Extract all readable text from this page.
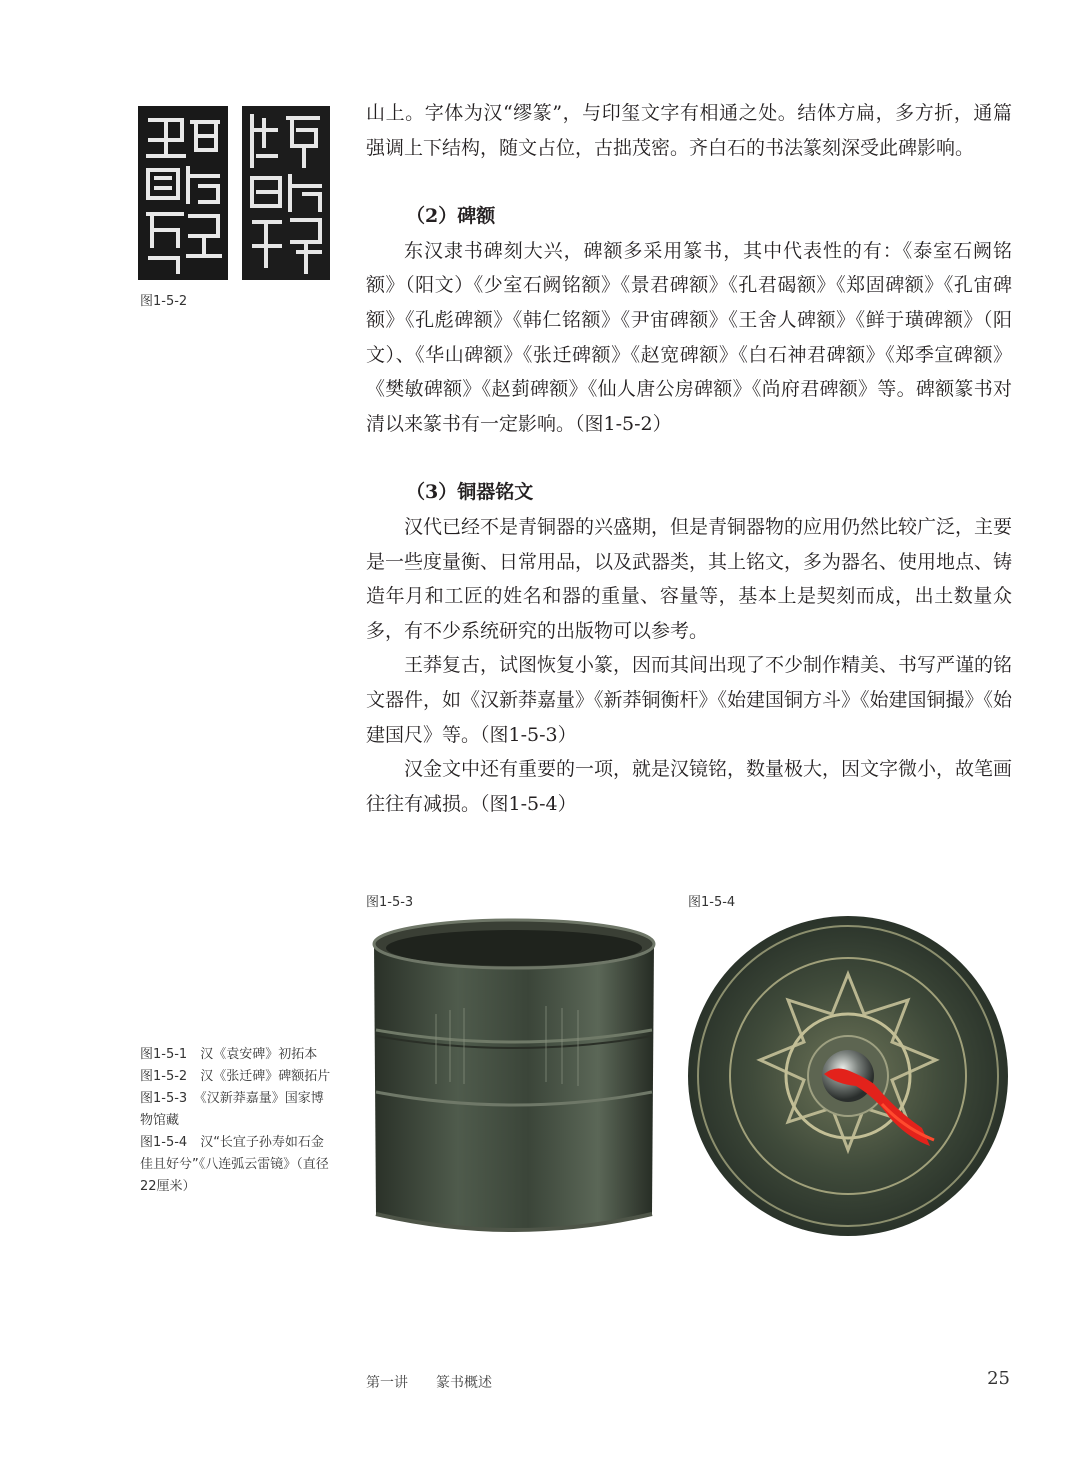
图1-5-2

山上。字体为汉“缪篆”，与印玺文字有相通之处。结体方扁，多方折，通篇强调上下结构，随文占位，古拙茂密。齐白石的书法篆刻深受此碑影响。

（2）碑额

东汉隶书碑刻大兴，碑额多采用篆书，其中代表性的有：《泰室石阙铭额》（阳文）《少室石阙铭额》《景君碑额》《孔君碣额》《郑固碑额》《孔宙碑额》《孔彪碑额》《韩仁铭额》《尹宙碑额》《王舍人碑额》《鲜于璜碑额》（阳文）、《华山碑额》《张迁碑额》《赵宽碑额》《白石神君碑额》《郑季宣碑额》《樊敏碑额》《赵菿碑额》《仙人唐公房碑额》《尚府君碑额》等。碑额篆书对清以来篆书有一定影响。（图1-5-2）

（3）铜器铭文

汉代已经不是青铜器的兴盛期，但是青铜器物的应用仍然比较广泛，主要是一些度量衡、日常用品，以及武器类，其上铭文，多为器名、使用地点、铸造年月和工匠的姓名和器的重量、容量等，基本上是契刻而成，出土数量众多，有不少系统研究的出版物可以参考。

王莽复古，试图恢复小篆，因而其间出现了不少制作精美、书写严谨的铭文器件，如《汉新莽嘉量》《新莽铜衡杆》《始建国铜方斗》《始建国铜撮》《始建国尺》等。（图1-5-3）

汉金文中还有重要的一项，就是汉镜铭，数量极大，因文字微小，故笔画往往有减损。（图1-5-4）

图1-5-3	图1-5-4
图1-5-1　汉《袁安碑》初拓本
图1-5-2　汉《张迁碑》碑额拓片
图1-5-3　《汉新莽嘉量》国家博物馆藏
图1-5-4　汉“长宜子孙寿如石金佳且好兮”《八连弧云雷镜》（直径22厘米）
第一讲 篆书概述	25
